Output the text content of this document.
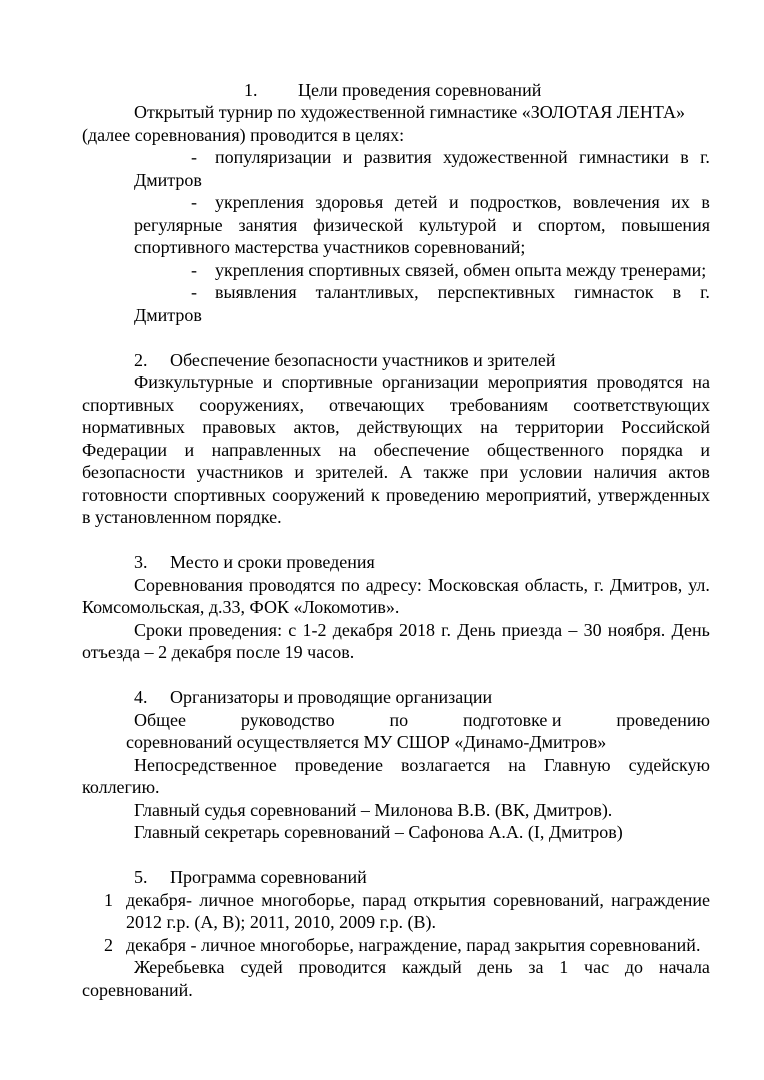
1. Цели проведения соревнований
Открытый турнир по художественной гимнастике «ЗОЛОТАЯ ЛЕНТА»
(далее соревнования) проводится в целях:
- популяризации и развития художественной гимнастики в г.
Дмитров
- укрепления здоровья детей и подростков, вовлечения их в
регулярные занятия физической культурой и спортом, повышения
спортивного мастерства участников соревнований;
- укрепления спортивных связей, обмен опыта между тренерами;
- выявления талантливых, перспективных гимнасток в г.
Дмитров
2.     Обеспечение безопасности участников и зрителей
Физкультурные и спортивные организации мероприятия проводятся на
спортивных сооружениях, отвечающих требованиям соответствующих
нормативных правовых актов, действующих на территории Российской
Федерации и направленных на обеспечение общественного порядка и
безопасности участников и зрителей. А также при условии наличия актов
готовности спортивных сооружений к проведению мероприятий, утвержденных
в установленном порядке.
3.     Место и сроки проведения
Соревнования проводятся по адресу: Московская область, г. Дмитров, ул.
Комсомольская, д.33, ФОК «Локомотив».
Сроки проведения: с 1-2 декабря 2018 г. День приезда – 30 ноября. День
отъезда – 2 декабря после 19 часов.
4.     Организаторы и проводящие организации
Общее	руководство	по	подготовке и	проведению
соревнований осуществляется МУ СШОР «Динамо-Дмитров»
Непосредственное проведение возлагается на Главную судейскую
коллегию.
Главный судья соревнований – Милонова В.В. (ВК, Дмитров).
Главный секретарь соревнований – Сафонова А.А. (I, Дмитров)
5.     Программа соревнований
1 декабря- личное многоборье, парад открытия соревнований, награждение
2012 г.р. (А, В); 2011, 2010, 2009 г.р. (В).
2 декабря - личное многоборье, награждение, парад закрытия соревнований.
Жеребьевка судей проводится каждый день за 1 час до начала
соревнований.
